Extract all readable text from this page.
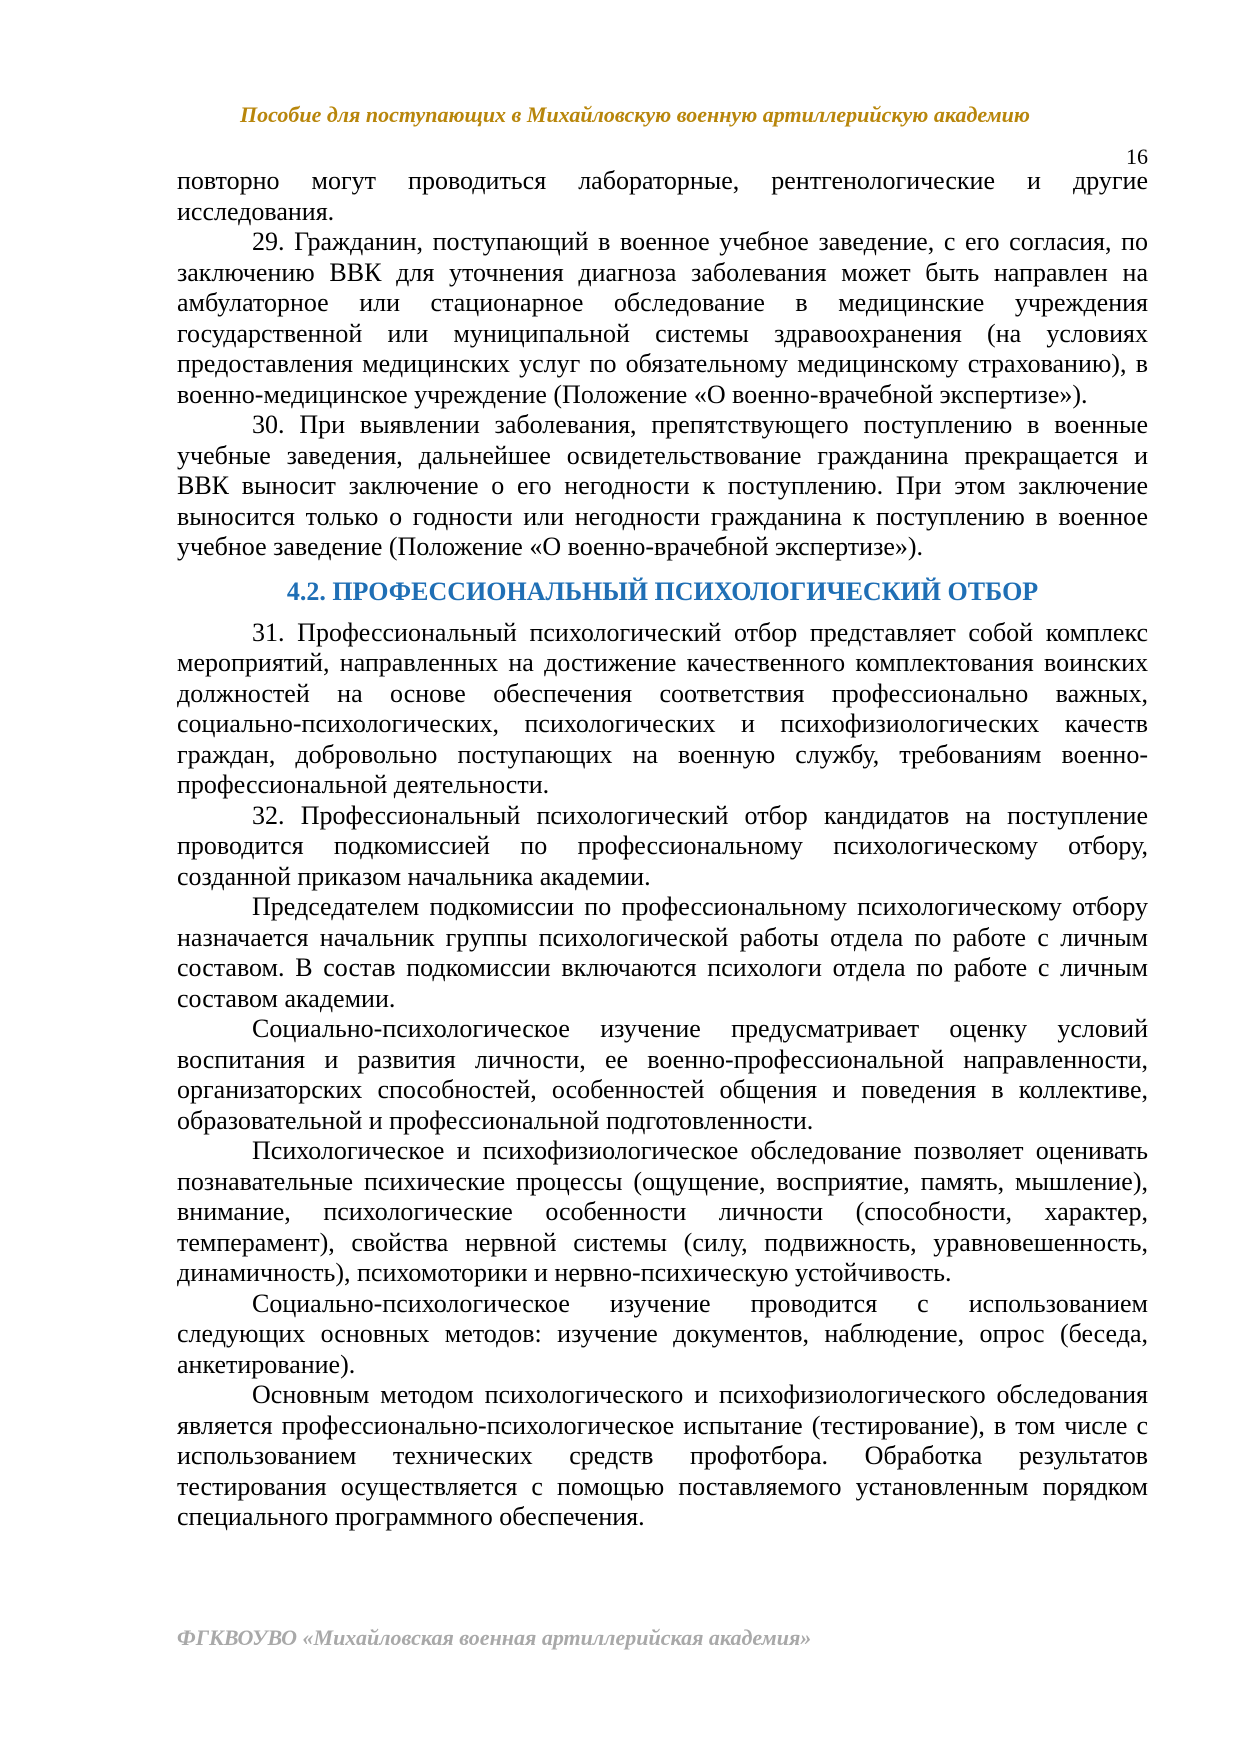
Пособие для поступающих в Михайловскую военную артиллерийскую академию
16

повторно могут проводиться лабораторные, рентгенологические и другие исследования.

29. Гражданин, поступающий в военное учебное заведение, с его согласия, по заключению ВВК для уточнения диагноза заболевания может быть направлен на амбулаторное или стационарное обследование в медицинские учреждения государственной или муниципальной системы здравоохранения (на условиях предоставления медицинских услуг по обязательному медицинскому страхованию), в военно-медицинское учреждение (Положение «О военно-врачебной экспертизе»).

30. При выявлении заболевания, препятствующего поступлению в военные учебные заведения, дальнейшее освидетельствование гражданина прекращается и ВВК выносит заключение о его негодности к поступлению. При этом заключение выносится только о годности или негодности гражданина к поступлению в военное учебное заведение (Положение «О военно-врачебной экспертизе»).

4.2. ПРОФЕССИОНАЛЬНЫЙ ПСИХОЛОГИЧЕСКИЙ ОТБОР

31. Профессиональный психологический отбор представляет собой комплекс мероприятий, направленных на достижение качественного комплектования воинских должностей на основе обеспечения соответствия профессионально важных, социально-психологических, психологических и психофизиологических качеств граждан, добровольно поступающих на военную службу, требованиям военно-профессиональной деятельности.

32. Профессиональный психологический отбор кандидатов на поступление проводится подкомиссией по профессиональному психологическому отбору, созданной приказом начальника академии.

Председателем подкомиссии по профессиональному психологическому отбору назначается начальник группы психологической работы отдела по работе с личным составом. В состав подкомиссии включаются психологи отдела по работе с личным составом академии.

Социально-психологическое изучение предусматривает оценку условий воспитания и развития личности, ее военно-профессиональной направленности, организаторских способностей, особенностей общения и поведения в коллективе, образовательной и профессиональной подготовленности.

Психологическое и психофизиологическое обследование позволяет оценивать познавательные психические процессы (ощущение, восприятие, память, мышление), внимание, психологические особенности личности (способности, характер, темперамент), свойства нервной системы (силу, подвижность, уравновешенность, динамичность), психомоторики и нервно-психическую устойчивость.

Социально-психологическое изучение проводится с использованием следующих основных методов: изучение документов, наблюдение, опрос (беседа, анкетирование).

Основным методом психологического и психофизиологического обследования является профессионально-психологическое испытание (тестирование), в том числе с использованием технических средств профотбора. Обработка результатов тестирования осуществляется с помощью поставляемого установленным порядком специального программного обеспечения.

ФГКВОУВО «Михайловская военная артиллерийская академия»
